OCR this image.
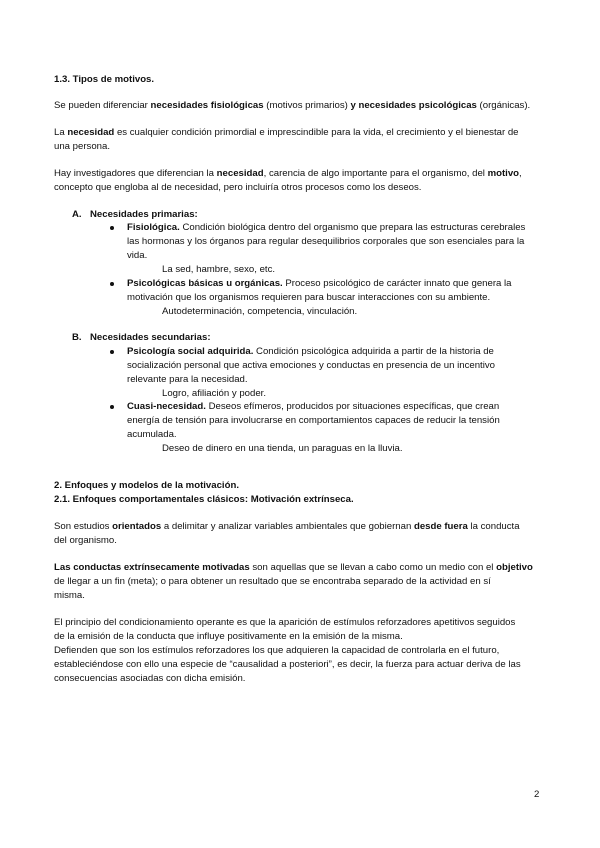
1.3. Tipos de motivos.
Se pueden diferenciar necesidades fisiológicas (motivos primarios) y necesidades psicológicas (orgánicas).
La necesidad es cualquier condición primordial e imprescindible para la vida, el crecimiento y el bienestar de
una persona.
Hay investigadores que diferencian la necesidad, carencia de algo importante para el organismo, del motivo,
concepto que engloba al de necesidad, pero incluiría otros procesos como los deseos.
A. Necesidades primarias:
Fisiológica. Condición biológica dentro del organismo que prepara las estructuras cerebrales
las hormonas y los órganos para regular desequilibrios corporales que son esenciales para la
vida.
La sed, hambre, sexo, etc.
Psicológicas básicas u orgánicas. Proceso psicológico de carácter innato que genera la
motivación que los organismos requieren para buscar interacciones con su ambiente.
Autodeterminación, competencia, vinculación.
B. Necesidades secundarias:
Psicología social adquirida. Condición psicológica adquirida a partir de la historia de
socialización personal que activa emociones y conductas en presencia de un incentivo
relevante para la necesidad.
Logro, afiliación y poder.
Cuasi-necesidad. Deseos efímeros, producidos por situaciones específicas, que crean
energía de tensión para involucrarse en comportamientos capaces de reducir la tensión
acumulada.
Deseo de dinero en una tienda, un paraguas en la lluvia.
2. Enfoques y modelos de la motivación.
2.1. Enfoques comportamentales clásicos: Motivación extrínseca.
Son estudios orientados a delimitar y analizar variables ambientales que gobiernan desde fuera la conducta
del organismo.
Las conductas extrínsecamente motivadas son aquellas que se llevan a cabo como un medio con el objetivo
de llegar a un fin (meta); o para obtener un resultado que se encontraba separado de la actividad en sí
misma.
El principio del condicionamiento operante es que la aparición de estímulos reforzadores apetitivos seguidos
de la emisión de la conducta que influye positivamente en la emisión de la misma.
Defienden que son los estímulos reforzadores los que adquieren la capacidad de controlarla en el futuro,
estableciéndose con ello una especie de “causalidad a posteriori”, es decir, la fuerza para actuar deriva de las
consecuencias asociadas con dicha emisión.
2
